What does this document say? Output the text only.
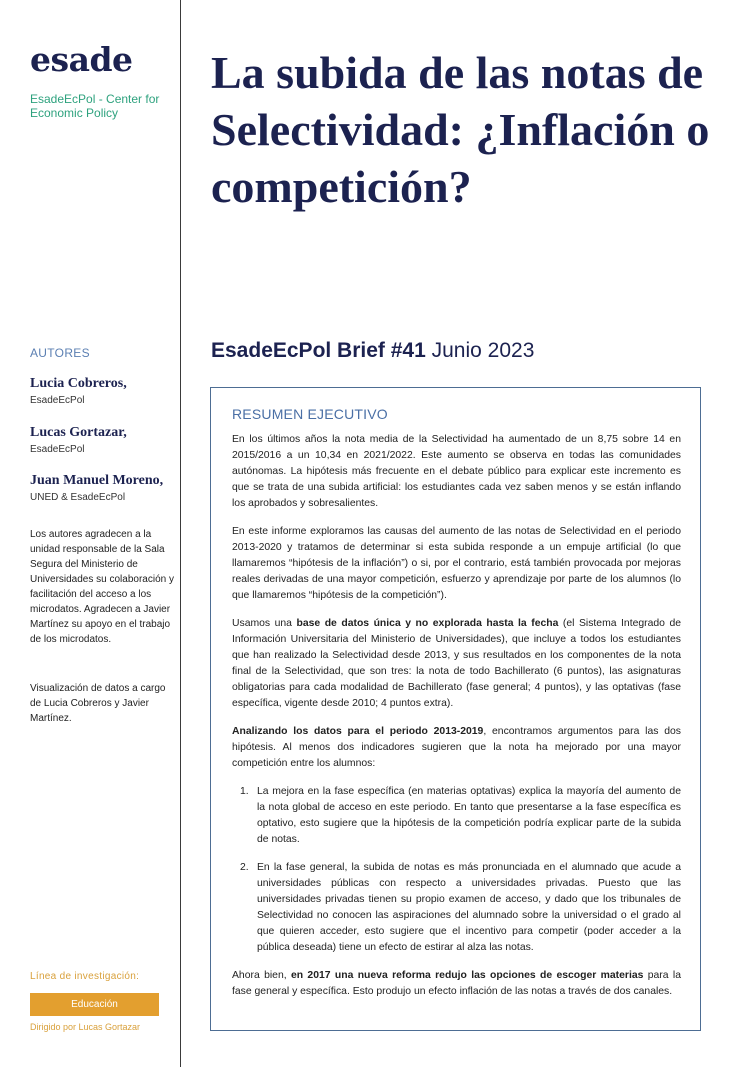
esade
EsadeEcPol - Center for Economic Policy
La subida de las notas de Selectividad: ¿Inflación o competición?
AUTORES
Lucia Cobreros,
EsadeEcPol
Lucas Gortazar,
EsadeEcPol
Juan Manuel Moreno,
UNED & EsadeEcPol
Los autores agradecen a la unidad responsable de la Sala Segura del Ministerio de Universidades su colaboración y facilitación del acceso a los microdatos. Agradecen a Javier Martínez su apoyo en el trabajo de los microdatos.
Visualización de datos a cargo de Lucia Cobreros y Javier Martínez.
Línea de investigación:
Educación
Dirigido por Lucas Gortazar
EsadeEcPol Brief #41 Junio 2023
RESUMEN EJECUTIVO

En los últimos años la nota media de la Selectividad ha aumentado de un 8,75 sobre 14 en 2015/2016 a un 10,34 en 2021/2022. Este aumento se observa en todas las comunidades autónomas. La hipótesis más frecuente en el debate público para explicar este incremento es que se trata de una subida artificial: los estudiantes cada vez saben menos y se están inflando los aprobados y sobresalientes.

En este informe exploramos las causas del aumento de las notas de Selectividad en el periodo 2013-2020 y tratamos de determinar si esta subida responde a un empuje artificial (lo que llamaremos “hipótesis de la inflación”) o si, por el contrario, está también provocada por mejoras reales derivadas de una mayor competición, esfuerzo y aprendizaje por parte de los alumnos (lo que llamaremos “hipótesis de la competición”).

Usamos una base de datos única y no explorada hasta la fecha (el Sistema Integrado de Información Universitaria del Ministerio de Universidades), que incluye a todos los estudiantes que han realizado la Selectividad desde 2013, y sus resultados en los componentes de la nota final de la Selectividad, que son tres: la nota de todo Bachillerato (6 puntos), las asignaturas obligatorias para cada modalidad de Bachillerato (fase general; 4 puntos), y las optativas (fase específica, vigente desde 2010; 4 puntos extra).

Analizando los datos para el periodo 2013-2019, encontramos argumentos para las dos hipótesis. Al menos dos indicadores sugieren que la nota ha mejorado por una mayor competición entre los alumnos:

1. La mejora en la fase específica (en materias optativas) explica la mayoría del aumento de la nota global de acceso en este periodo. En tanto que presentarse a la fase específica es optativo, esto sugiere que la hipótesis de la competición podría explicar parte de la subida de notas.
2. En la fase general, la subida de notas es más pronunciada en el alumnado que acude a universidades públicas con respecto a universidades privadas. Puesto que las universidades privadas tienen su propio examen de acceso, y dado que los tribunales de Selectividad no conocen las aspiraciones del alumnado sobre la universidad o el grado al que quieren acceder, esto sugiere que el incentivo para competir (poder acceder a la pública deseada) tiene un efecto de estirar al alza las notas.

Ahora bien, en 2017 una nueva reforma redujo las opciones de escoger materias para la fase general y específica. Esto produjo un efecto inflación de las notas a través de dos canales.
